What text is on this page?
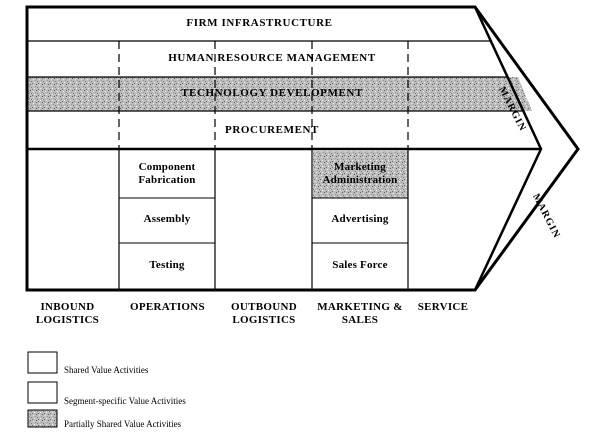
FIRM INFRASTRUCTURE
HUMAN RESOURCE MANAGEMENT
TECHNOLOGY DEVELOPMENT
PROCUREMENT	MARGIN
MARGIN
Component Fabrication
Assembly
Testing
Marketing Administration
Advertising
Sales Force
INBOUND LOGISTICS
OPERATIONS	OUTBOUND LOGISTICS
MARKETING & SALES
SERVICE
Shared Value Activities
Segment-specific Value Activities
Partially Shared Value Activities
